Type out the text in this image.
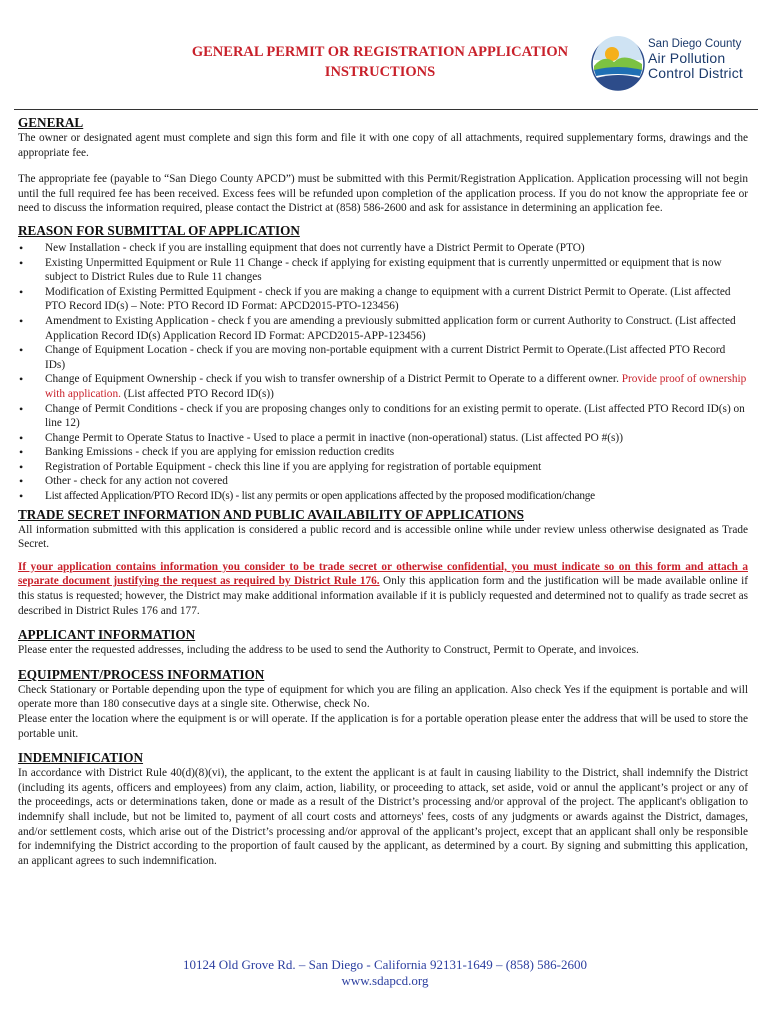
GENERAL PERMIT OR REGISTRATION APPLICATION
INSTRUCTIONS
San Diego County
Air Pollution
Control District
GENERAL

The owner or designated agent must complete and sign this form and file it with one copy of all attachments, required supplementary forms, drawings and the appropriate fee.

The appropriate fee (payable to “San Diego County APCD”) must be submitted with this Permit/Registration Application. Application processing will not begin until the full required fee has been received. Excess fees will be refunded upon completion of the application process. If you do not know the appropriate fee or need to discuss the information required, please contact the District at (858) 586-2600 and ask for assistance in determining an application fee.

REASON FOR SUBMITTAL OF APPLICATION
• New Installation - check if you are installing equipment that does not currently have a District Permit to Operate (PTO)
• Existing Unpermitted Equipment or Rule 11 Change - check if applying for existing equipment that is currently unpermitted or equipment that is now subject to District Rules due to Rule 11 changes
• Modification of Existing Permitted Equipment - check if you are making a change to equipment with a current District Permit to Operate. (List affected PTO Record ID(s) – Note: PTO Record ID Format: APCD2015-PTO-123456)
• Amendment to Existing Application - check f you are amending a previously submitted application form or current Authority to Construct. (List affected Application Record ID(s) Application Record ID Format: APCD2015-APP-123456)
• Change of Equipment Location - check if you are moving non-portable equipment with a current District Permit to Operate.(List affected PTO Record IDs)
• Change of Equipment Ownership - check if you wish to transfer ownership of a District Permit to Operate to a different owner. Provide proof of ownership with application. (List affected PTO Record ID(s))
• Change of Permit Conditions - check if you are proposing changes only to conditions for an existing permit to operate. (List affected PTO Record ID(s) on line 12)
• Change Permit to Operate Status to Inactive - Used to place a permit in inactive (non-operational) status. (List affected PO #(s))
• Banking Emissions - check if you are applying for emission reduction credits
• Registration of Portable Equipment - check this line if you are applying for registration of portable equipment
• Other - check for any action not covered
• List affected Application/PTO Record ID(s) - list any permits or open applications affected by the proposed modification/change
TRADE SECRET INFORMATION AND PUBLIC AVAILABILITY OF APPLICATIONS

All information submitted with this application is considered a public record and is accessible online while under review unless otherwise designated as Trade Secret.

If your application contains information you consider to be trade secret or otherwise confidential, you must indicate so on this form and attach a separate document justifying the request as required by District Rule 176. Only this application form and the justification will be made available online if this status is requested; however, the District may make additional information available if it is publicly requested and determined not to qualify as trade secret as described in District Rules 176 and 177.

APPLICANT INFORMATION

Please enter the requested addresses, including the address to be used to send the Authority to Construct, Permit to Operate, and invoices.

EQUIPMENT/PROCESS INFORMATION

Check Stationary or Portable depending upon the type of equipment for which you are filing an application. Also check Yes if the equipment is portable and will operate more than 180 consecutive days at a single site. Otherwise, check No.

Please enter the location where the equipment is or will operate. If the application is for a portable operation please enter the address that will be used to store the portable unit.

INDEMNIFICATION

In accordance with District Rule 40(d)(8)(vi), the applicant, to the extent the applicant is at fault in causing liability to the District, shall indemnify the District (including its agents, officers and employees) from any claim, action, liability, or proceeding to attack, set aside, void or annul the applicant’s project or any of the proceedings, acts or determinations taken, done or made as a result of the District’s processing and/or approval of the project. The applicant's obligation to indemnify shall include, but not be limited to, payment of all court costs and attorneys' fees, costs of any judgments or awards against the District, damages, and/or settlement costs, which arise out of the District’s processing and/or approval of the applicant’s project, except that an applicant shall only be responsible for indemnifying the District according to the proportion of fault caused by the applicant, as determined by a court. By signing and submitting this application, an applicant agrees to such indemnification.

10124 Old Grove Rd. – San Diego - California 92131-1649 – (858) 586-2600
www.sdapcd.org
